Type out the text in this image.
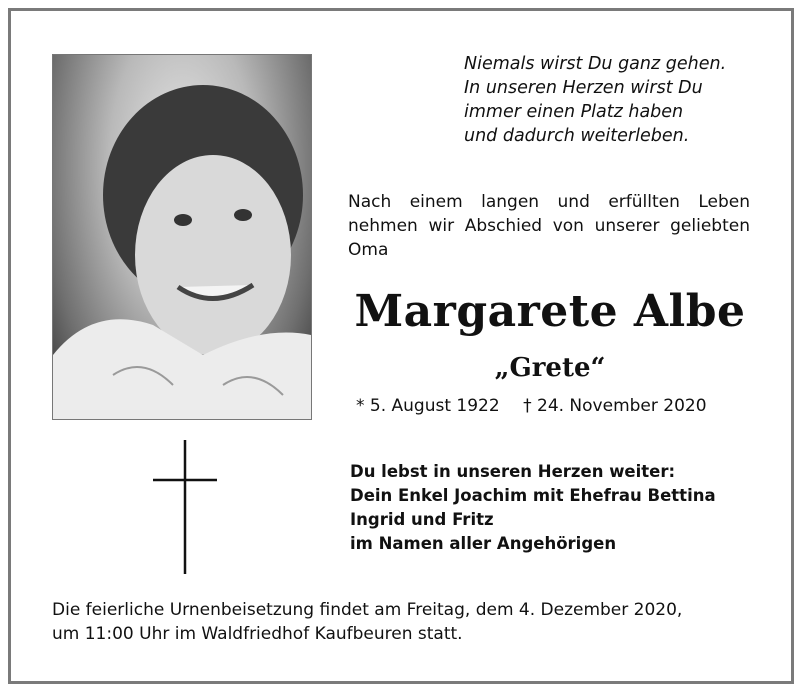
Niemals wirst Du ganz gehen.
In unseren Herzen wirst Du
immer einen Platz haben
und dadurch weiterleben.
Nach einem langen und erfüllten Leben nehmen wir Abschied von unserer geliebten Oma
Margarete Albe
„Grete“
* 5. August 1922 † 24. November 2020
Du lebst in unseren Herzen weiter:
Dein Enkel Joachim mit Ehefrau Bettina
Ingrid und Fritz
im Namen aller Angehörigen
Die feierliche Urnenbeisetzung findet am Freitag, dem 4. Dezember 2020,
um 11:00 Uhr im Waldfriedhof Kaufbeuren statt.
